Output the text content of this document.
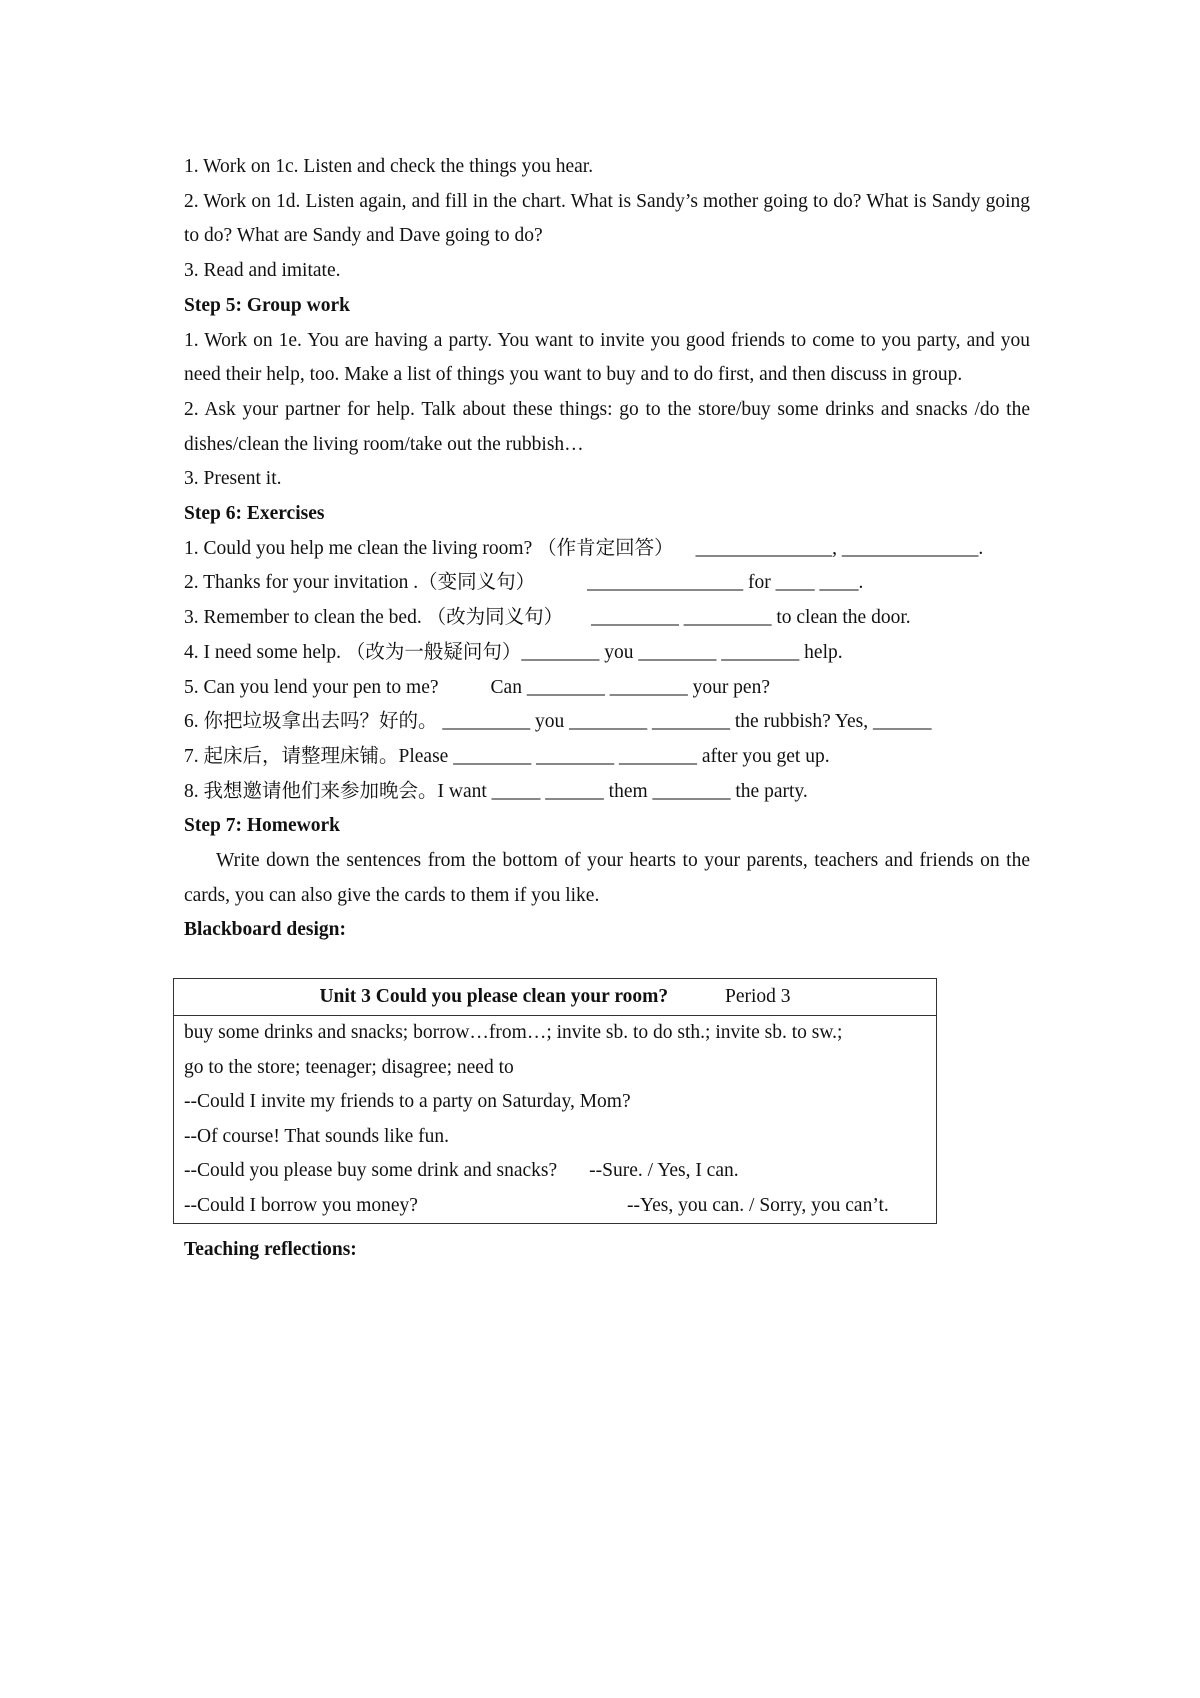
1. Work on 1c. Listen and check the things you hear.

2. Work on 1d. Listen again, and fill in the chart. What is Sandy’s mother going to do? What is Sandy going to do? What are Sandy and Dave going to do?

3. Read and imitate.

Step 5: Group work

1. Work on 1e. You are having a party. You want to invite you good friends to come to you party, and you need their help, too. Make a list of things you want to buy and to do first, and then discuss in group.

2. Ask your partner for help. Talk about these things: go to the store/buy some drinks and snacks /do the dishes/clean the living room/take out the rubbish…

3. Present it.

Step 6: Exercises

1. Could you help me clean the living room? （作肯定回答） ______________, ______________.
2. Thanks for your invitation .（变同义句）	________________ for ____ ____.
3. Remember to clean the bed. （改为同义句） _________ _________ to clean the door.

4. I need some help. （改为一般疑问句）________ you ________ ________ help.

5. Can you lend your pen to me?	Can ________ ________ your pen?

6. 你把垃圾拿出去吗？好的。 _________ you ________ ________ the rubbish? Yes, ______

7. 起床后，请整理床铺。Please ________ ________ ________ after you get up.

8. 我想邀请他们来参加晚会。I want _____ ______ them ________ the party.

Step 7: Homework

Write down the sentences from the bottom of your hearts to your parents, teachers and friends on the cards, you can also give the cards to them if you like.

Blackboard design:

Unit 3 Could you please clean your room?	Period 3
buy some drinks and snacks; borrow…from…; invite sb. to do sth.; invite sb. to sw.;
go to the store; teenager; disagree; need to
--Could I invite my friends to a party on Saturday, Mom?
--Of course! That sounds like fun.
--Could you please buy some drink and snacks? --Sure. / Yes, I can.
--Could I borrow you money?	--Yes, you can. / Sorry, you can’t.
Teaching reflections:
